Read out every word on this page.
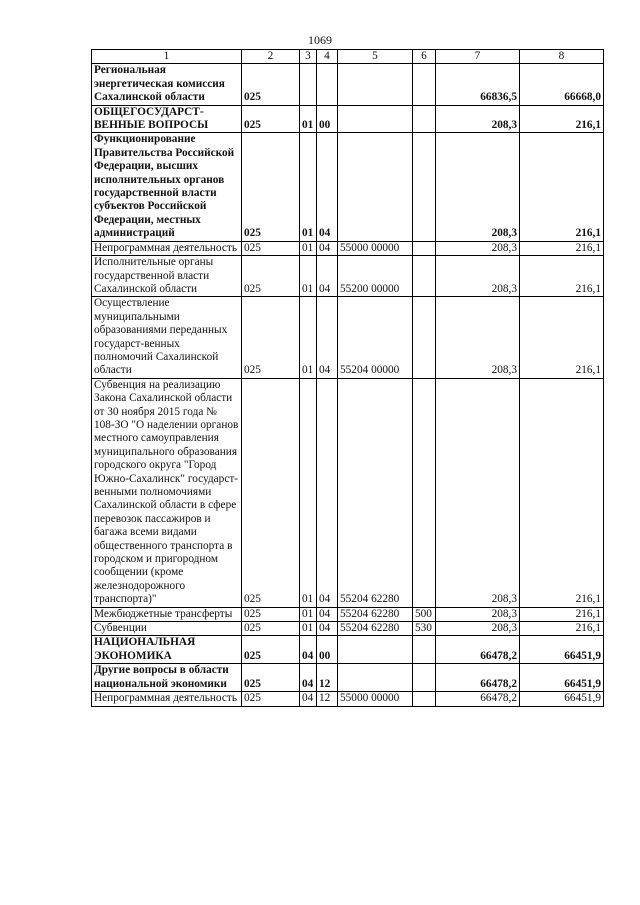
1069
1	2	3	4	5	6	7	8
Региональная энергетическая комиссия Сахалинской области	025					66836,5	66668,0
ОБЩЕГОСУДАРСТ-ВЕННЫЕ ВОПРОСЫ	025	01	00			208,3	216,1
Функционирование Правительства Российской Федерации, высших исполнительных органов государственной власти субъектов Российской Федерации, местных администраций	025	01	04			208,3	216,1
Непрограммная деятельность	025	01	04	55000 00000		208,3	216,1
Исполнительные органы государственной власти Сахалинской области	025	01	04	55200 00000		208,3	216,1
Осуществление муниципальными образованиями переданных государст-венных полномочий Сахалинской области	025	01	04	55204 00000		208,3	216,1
Субвенция на реализацию Закона Сахалинской области от 30 ноября 2015 года № 108-ЗО "О наделении органов местного самоуправления муниципального образования городского округа "Город Южно-Сахалинск" государст-венными полномочиями Сахалинской области в сфере перевозок пассажиров и багажа всеми видами общественного транспорта в городском и пригородном сообщении (кроме железнодорожного транспорта)"	025	01	04	55204 62280		208,3	216,1
Межбюджетные трансферты	025	01	04	55204 62280	500	208,3	216,1
Субвенции	025	01	04	55204 62280	530	208,3	216,1
НАЦИОНАЛЬНАЯ ЭКОНОМИКА	025	04	00			66478,2	66451,9
Другие вопросы в области национальной экономики	025	04	12			66478,2	66451,9
Непрограммная деятельность	025	04	12	55000 00000		66478,2	66451,9
